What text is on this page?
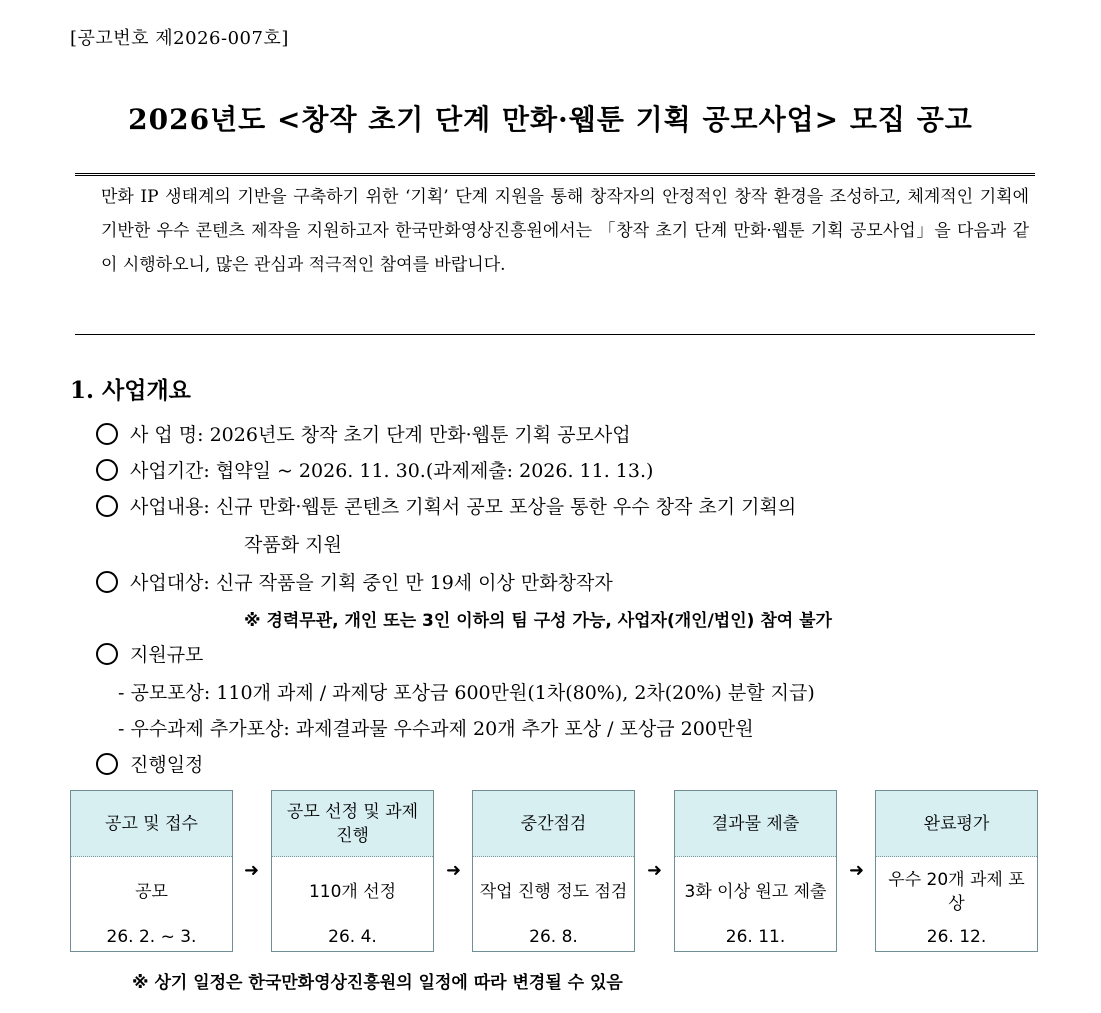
[공고번호 제2026-007호]
2026년도 <창작 초기 단계 만화·웹툰 기획 공모사업> 모집 공고

만화 IP 생태계의 기반을 구축하기 위한 ‘기획’ 단계 지원을 통해 창작자의 안정적인 창작 환경을 조성하고, 체계적인 기획에 기반한 우수 콘텐츠 제작을 지원하고자 한국만화영상진흥원에서는 「창작 초기 단계 만화·웹툰 기획 공모사업」을 다음과 같이 시행하오니, 많은 관심과 적극적인 참여를 바랍니다.

1. 사업개요
사 업 명: 2026년도 창작 초기 단계 만화·웹툰 기획 공모사업
사업기간: 협약일 ~ 2026. 11. 30.(과제제출: 2026. 11. 13.)
사업내용: 신규 만화·웹툰 콘텐츠 기획서 공모 포상을 통한 우수 창작 초기 기획의
작품화 지원
사업대상: 신규 작품을 기획 중인 만 19세 이상 만화창작자
※ 경력무관, 개인 또는 3인 이하의 팀 구성 가능, 사업자(개인/법인) 참여 불가
지원규모
- 공모포상: 110개 과제 / 과제당 포상금 600만원(1차(80%), 2차(20%) 분할 지급)
- 우수과제 추가포상: 과제결과물 우수과제 20개 추가 포상 / 포상금 200만원
진행일정
공고 및 접수
공모
26. 2. ~ 3.
➜
공모 선정 및 과제 진행
110개 선정
26. 4.
➜
중간점검
작업 진행 정도 점검
26. 8.
➜
결과물 제출
3화 이상 원고 제출
26. 11.
➜
완료평가
우수 20개 과제 포상
26. 12.
※ 상기 일정은 한국만화영상진흥원의 일정에 따라 변경될 수 있음
